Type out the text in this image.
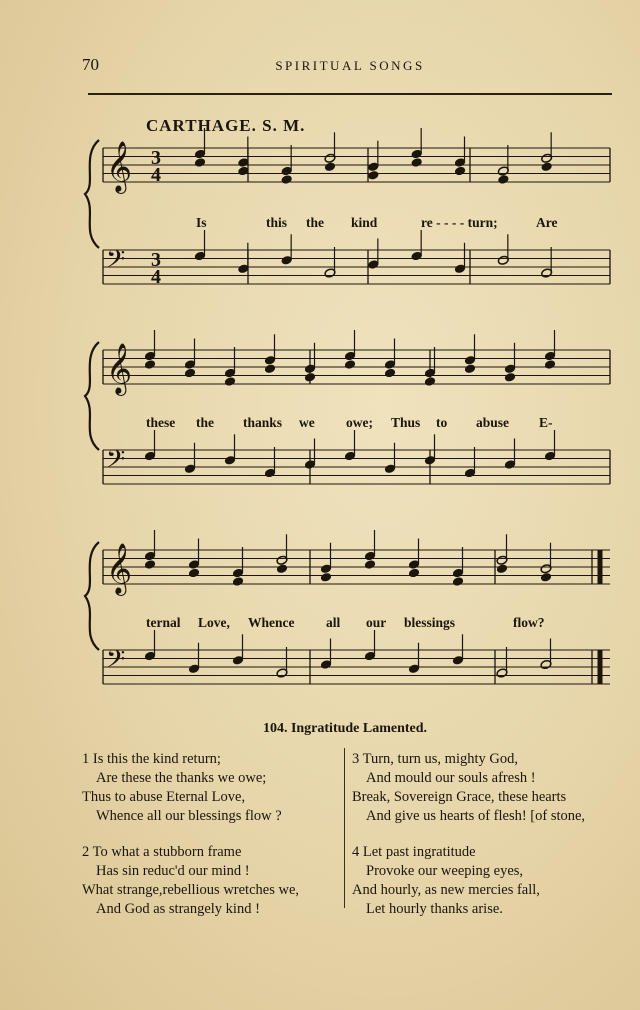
70	SPIRITUAL SONGS
CARTHAGE. S. M.
𝄞
𝄢
3
4
3
4
𝄞
𝄢
𝄞
𝄢
Is	this the kind	re - - - - turn;	Are
these the thanks we owe; Thus to abuse E-
ternal Love, Whence all our blessings	flow?
104. Ingratitude Lamented.
1 Is this the kind return;
Are these the thanks we owe;
Thus to abuse Eternal Love,
Whence all our blessings flow ?
2 To what a stubborn frame
Has sin reduc'd our mind !
What strange,rebellious wretches we,
And God as strangely kind !
3 Turn, turn us, mighty God,
And mould our souls afresh !
Break, Sovereign Grace, these hearts
And give us hearts of flesh! [of stone,
4 Let past ingratitude
Provoke our weeping eyes,
And hourly, as new mercies fall,
Let hourly thanks arise.
